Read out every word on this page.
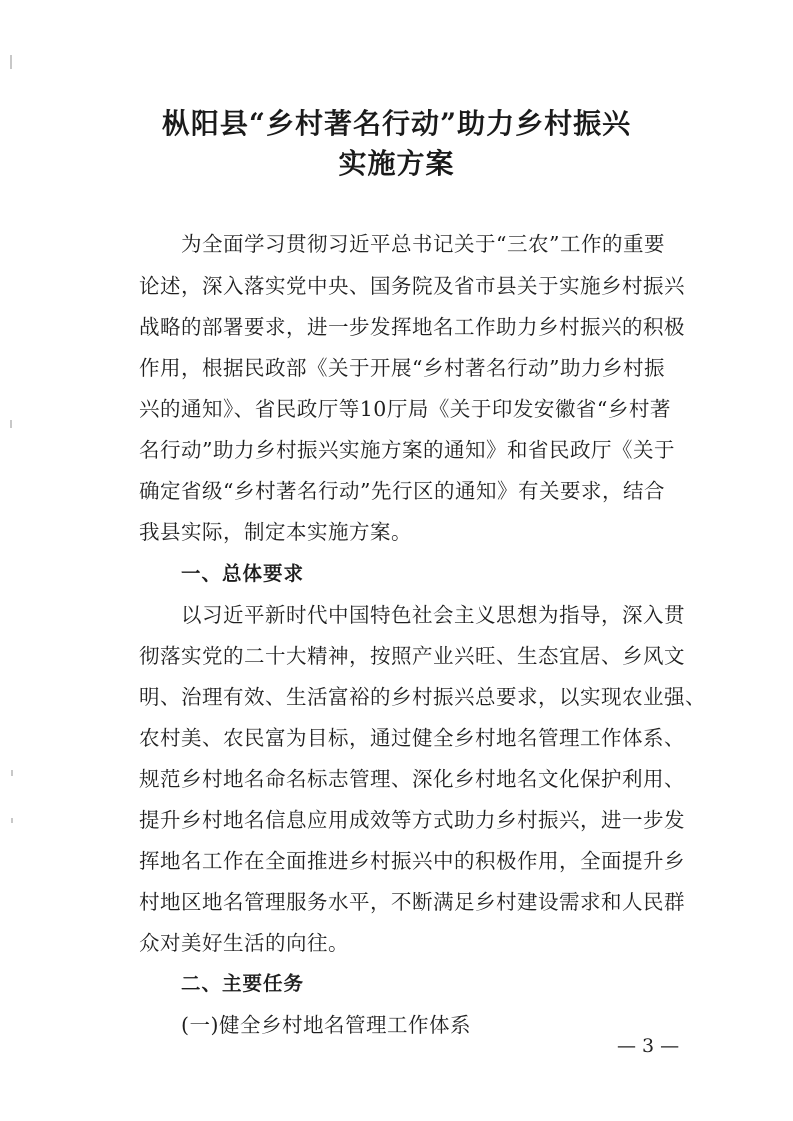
枞阳县“乡村著名行动”助力乡村振兴
实施方案
为全面学习贯彻习近平总书记关于“三农”工作的重要
论述，深入落实党中央、国务院及省市县关于实施乡村振兴
战略的部署要求，进一步发挥地名工作助力乡村振兴的积极
作用，根据民政部《关于开展“乡村著名行动”助力乡村振
兴的通知》、省民政厅等10厅局《关于印发安徽省“乡村著
名行动”助力乡村振兴实施方案的通知》和省民政厅《关于
确定省级“乡村著名行动”先行区的通知》有关要求，结合
我县实际，制定本实施方案。
一、总体要求
以习近平新时代中国特色社会主义思想为指导，深入贯
彻落实党的二十大精神，按照产业兴旺、生态宜居、乡风文
明、治理有效、生活富裕的乡村振兴总要求，以实现农业强、
农村美、农民富为目标，通过健全乡村地名管理工作体系、
规范乡村地名命名标志管理、深化乡村地名文化保护利用、
提升乡村地名信息应用成效等方式助力乡村振兴，进一步发
挥地名工作在全面推进乡村振兴中的积极作用，全面提升乡
村地区地名管理服务水平，不断满足乡村建设需求和人民群
众对美好生活的向往。
二、主要任务
(一)健全乡村地名管理工作体系
— 3 —
